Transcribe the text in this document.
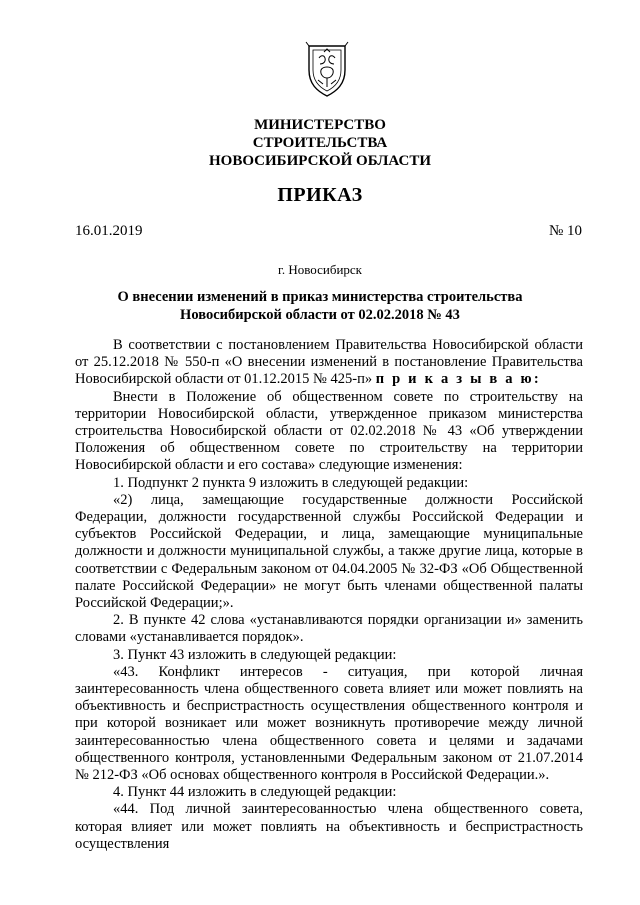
МИНИСТЕРСТВО
СТРОИТЕЛЬСТВА
НОВОСИБИРСКОЙ ОБЛАСТИ
ПРИКАЗ
16.01.2019	№ 10
г. Новосибирск
О внесении изменений в приказ министерства строительства Новосибирской области от 02.02.2018 № 43

В соответствии с постановлением Правительства Новосибирской области от 25.12.2018 № 550-п «О внесении изменений в постановление Правительства Новосибирской области от 01.12.2015 № 425-п» п р и к а з ы в а ю:

Внести в Положение об общественном совете по строительству на территории Новосибирской области, утвержденное приказом министерства строительства Новосибирской области от 02.02.2018 № 43 «Об утверждении Положения об общественном совете по строительству на территории Новосибирской области и его состава» следующие изменения:

1. Подпункт 2 пункта 9 изложить в следующей редакции:

«2) лица, замещающие государственные должности Российской Федерации, должности государственной службы Российской Федерации и субъектов Российской Федерации, и лица, замещающие муниципальные должности и должности муниципальной службы, а также другие лица, которые в соответствии с Федеральным законом от 04.04.2005 № 32-ФЗ «Об Общественной палате Российской Федерации» не могут быть членами общественной палаты Российской Федерации;».

2. В пункте 42 слова «устанавливаются порядки организации и» заменить словами «устанавливается порядок».

3. Пункт 43 изложить в следующей редакции:

«43. Конфликт интересов - ситуация, при которой личная заинтересованность члена общественного совета влияет или может повлиять на объективность и беспристрастность осуществления общественного контроля и при которой возникает или может возникнуть противоречие между личной заинтересованностью члена общественного совета и целями и задачами общественного контроля, установленными Федеральным законом от 21.07.2014 № 212-ФЗ «Об основах общественного контроля в Российской Федерации.».

4. Пункт 44 изложить в следующей редакции:

«44. Под личной заинтересованностью члена общественного совета, которая влияет или может повлиять на объективность и беспристрастность осуществления
